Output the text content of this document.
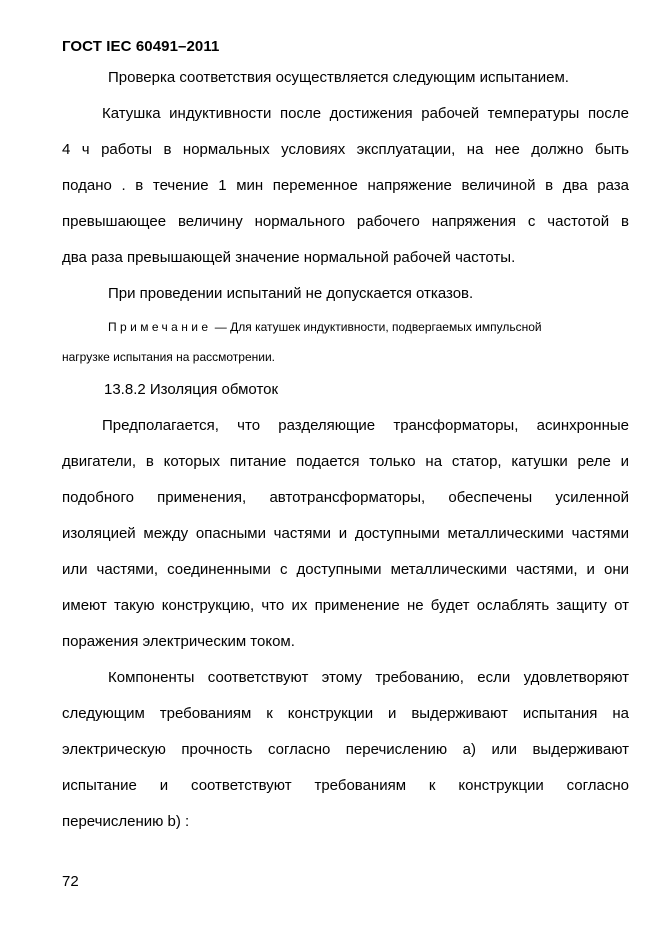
ГОСТ IEC 60491–2011
Проверка соответствия осуществляется следующим испытанием.
Катушка индуктивности после достижения рабочей температуры после
4 ч работы в нормальных условиях эксплуатации, на нее должно быть
подано . в течение 1 мин переменное напряжение величиной в два раза
превышающее величину нормального рабочего напряжения с частотой в
два раза превышающей значение нормальной рабочей частоты.
При проведении испытаний не допускается отказов.
Примечание — Для катушек индуктивности, подвергаемых импульсной
нагрузке испытания на рассмотрении.
13.8.2 Изоляция обмоток
Предполагается, что разделяющие трансформаторы, асинхронные
двигатели, в которых питание подается только на статор, катушки реле и
подобного применения, автотрансформаторы, обеспечены усиленной
изоляцией между опасными частями и доступными металлическими частями
или частями, соединенными с доступными металлическими частями, и они
имеют такую конструкцию, что их применение не будет ослаблять защиту от
поражения электрическим током.
Компоненты соответствуют этому требованию, если удовлетворяют
следующим требованиям к конструкции и выдерживают испытания на
электрическую прочность согласно перечислению а) или выдерживают
испытание и соответствуют требованиям к конструкции согласно
перечислению b) :
72
